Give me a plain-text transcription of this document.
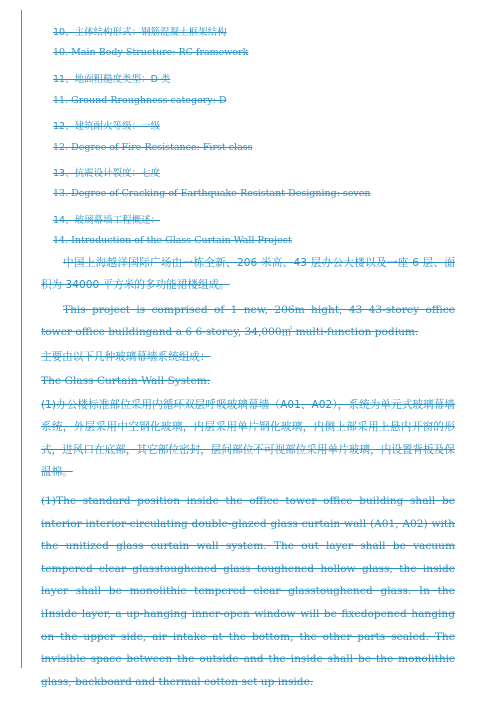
10、主体结构形式：钢筋混凝土框架结构
10. Main Body Structure: RC framework
11、地面粗糙度类型：D 类
11. Ground Rroughness category: D
12、建筑耐火等级：一级
12. Degree of Fire-Resistance: First class
13、抗震设计裂度：七度
13. Degree of Cracking of Earthquake-Resistant Designing: seven
14、玻璃幕墙工程概述：
14. Introduction of the Glass Curtain Wall Project
中国上海越洋国际广场由一栋全新、206 米高、43 层办公大楼以及一座 6 层、面积为 34000 平方米的多功能裙楼组成。
This project is comprised of 1 new, 206m hight, 43 43-storey office tower office buildingand a 6 6-storey, 34,000㎡ multi-function podium.
主要由以下几种玻璃幕墙系统组成：
The Glass Curtain Wall System:
(1)办公楼标准部位采用内循环双层呼吸玻璃幕墙（A01、A02），系统为单元式玻璃幕墙系统，外层采用中空钢化玻璃，内层采用单片钢化玻璃，内侧上部采用上悬内开窗的形式，进风口在底部，其它部位密封，层间部位不可视部位采用单片玻璃，内设置背板及保温棉。
(1)The standard position inside the office tower office building shall be interior interior-circulating double-glazed glass curtain wall (A01, A02) with the unitized glass curtain wall system. The out layer shall be vacuum tempered clear glasstoughened glass toughened hollow glass; the inside layer shall be monolithic tempered clear glasstoughened glass. In the iInside layer, a up-hanging inner-open window will be fixedopened hanging on the upper side, air intake at the bottom, the other parts sealed. The invisible space between the outside and the inside shall be the monolithic glass, backboard and thermal cotton set up inside.
